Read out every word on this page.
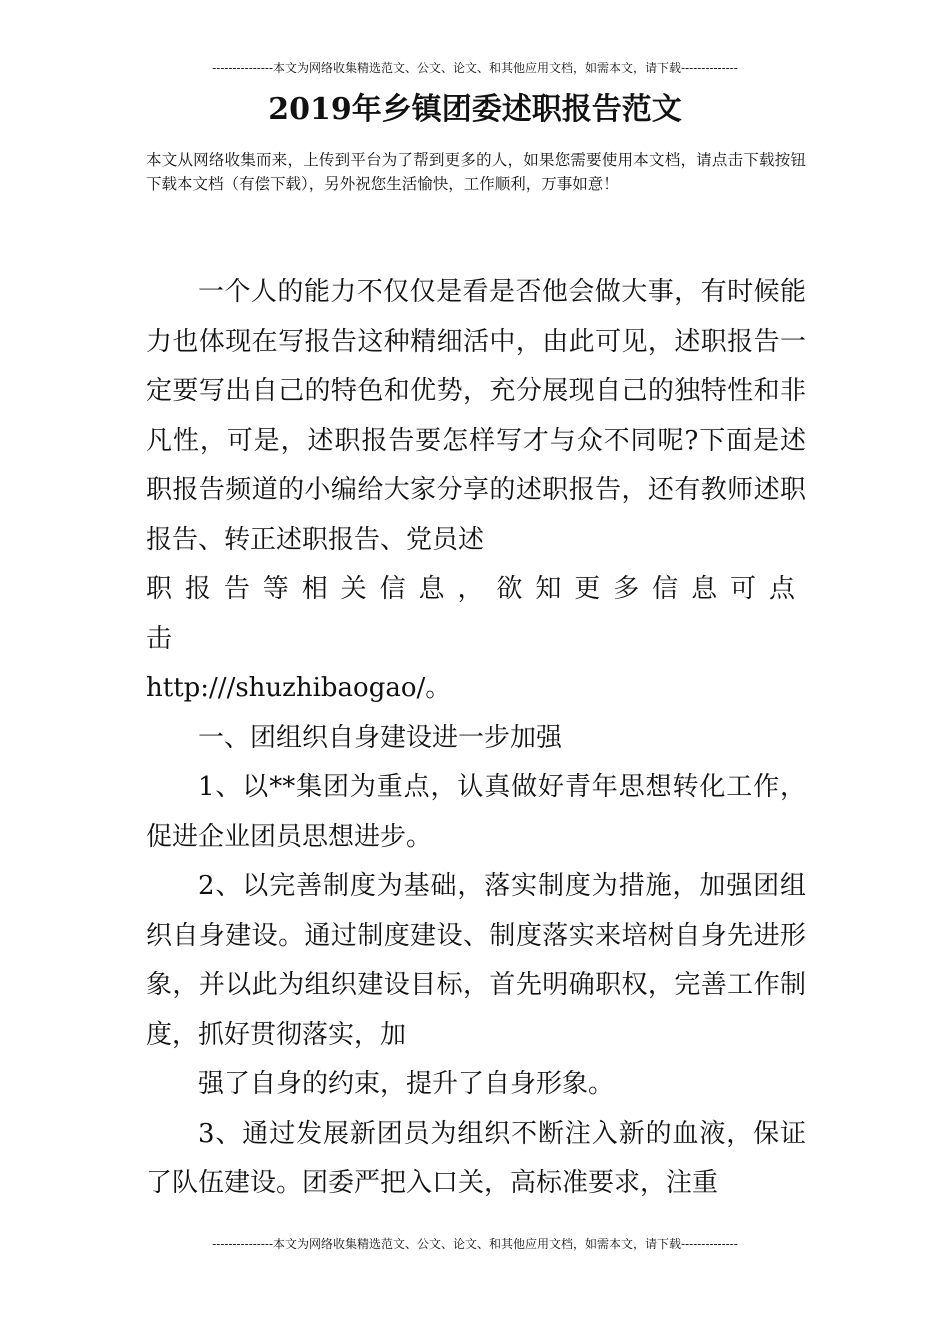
---------------本文为网络收集精选范文、公文、论文、和其他应用文档，如需本文，请下载--------------
2019年乡镇团委述职报告范文
本文从网络收集而来，上传到平台为了帮到更多的人，如果您需要使用本文档，请点击下载按钮下载本文档（有偿下载），另外祝您生活愉快，工作顺利，万事如意！

一个人的能力不仅仅是看是否他会做大事，有时候能力也体现在写报告这种精细活中，由此可见，述职报告一定要写出自己的特色和优势，充分展现自己的独特性和非凡性，可是，述职报告要怎样写才与众不同呢?下面是述职报告频道的小编给大家分享的述职报告，还有教师述职报告、转正述职报告、党员述

职报告等相关信息，欲知更多信息可点击

http:///shuzhibaogao/。

一、团组织自身建设进一步加强

1、以**集团为重点，认真做好青年思想转化工作，促进企业团员思想进步。

2、以完善制度为基础，落实制度为措施，加强团组织自身建设。通过制度建设、制度落实来培树自身先进形象，并以此为组织建设目标，首先明确职权，完善工作制度，抓好贯彻落实，加

强了自身的约束，提升了自身形象。

3、通过发展新团员为组织不断注入新的血液，保证了队伍建设。团委严把入口关，高标准要求，注重

---------------本文为网络收集精选范文、公文、论文、和其他应用文档，如需本文，请下载--------------
